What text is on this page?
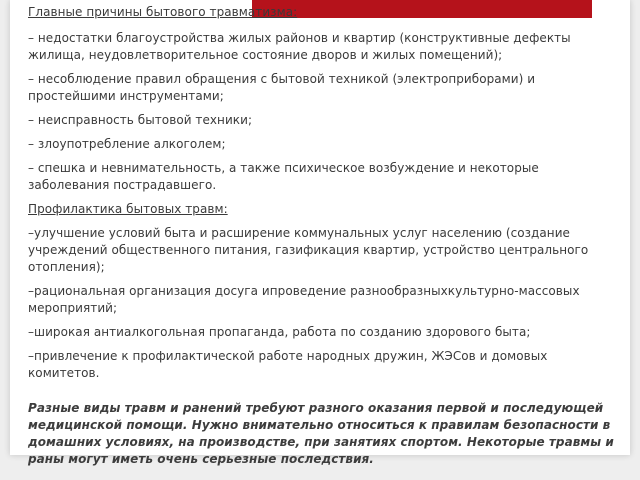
Главные причины бытового травматизма:

– недостатки благоустройства жилых районов и квартир (конструктивные дефекты жилища, неудовлетворительное состояние дворов и жилых помещений);

– несоблюдение правил обращения с бытовой техникой (электроприборами) и простейшими инструментами;

– неисправность бытовой техники;

– злоупотребление алкоголем;

– спешка и невнимательность, а также психическое возбуждение и некоторые заболевания пострадавшего.

Профилактика бытовых травм:

–улучшение условий быта и расширение коммунальных услуг населению (создание учреждений общественного питания, газификация квартир, устройство центрального отопления);

–рациональная организация досуга ипроведение разнообразныхкультурно-массовых мероприятий;

–широкая антиалкогольная пропаганда, работа по созданию здорового быта;

–привлечение к профилактической работе народных дружин, ЖЭСов и домовых комитетов.

Разные виды травм и ранений требуют разного оказания первой и последующей медицинской помощи. Нужно внимательно относиться к правилам безопасности в домашних условиях, на производстве, при занятиях спортом. Некоторые травмы и раны могут иметь очень серьезные последствия.
